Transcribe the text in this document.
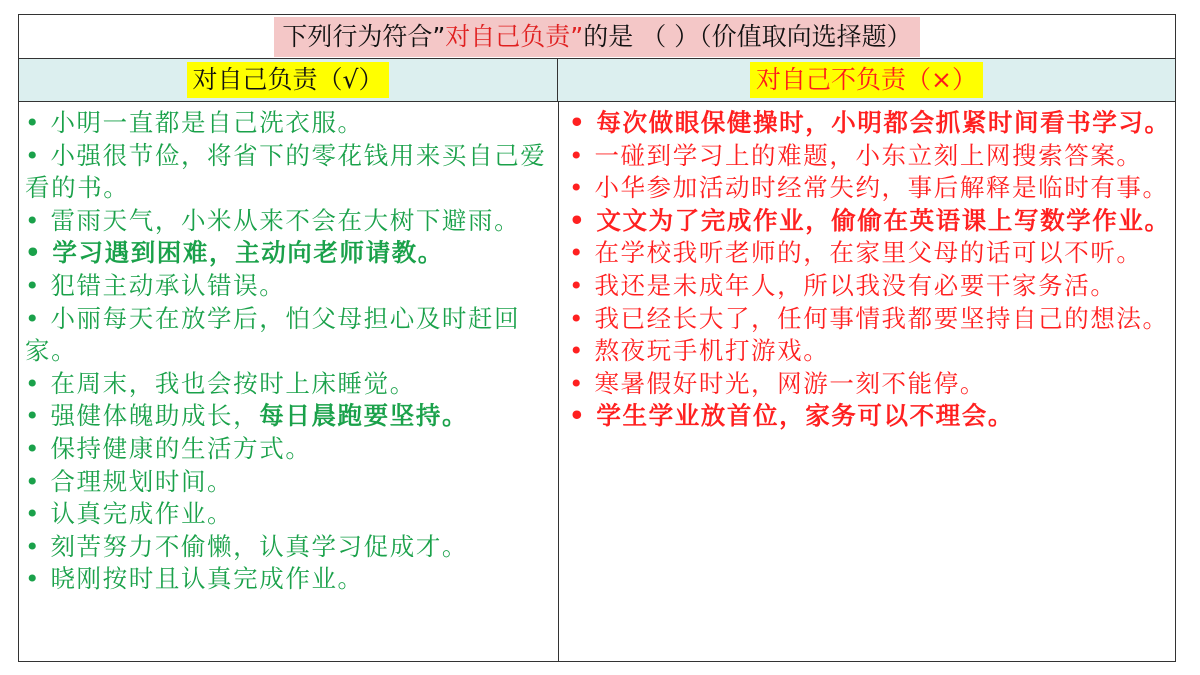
下列行为符合”对自己负责”的是 （ ）（价值取向选择题）
对自己负责（√）	对自己不负责（×）

• 小明一直都是自己洗衣服。

• 小强很节俭，将省下的零花钱用来买自己爱看的书。

• 雷雨天气，小米从来不会在大树下避雨。

• 学习遇到困难，主动向老师请教。

• 犯错主动承认错误。

• 小丽每天在放学后，怕父母担心及时赶回家。

• 在周末，我也会按时上床睡觉。

• 强健体魄助成长，每日晨跑要坚持。

• 保持健康的生活方式。

• 合理规划时间。

• 认真完成作业。

• 刻苦努力不偷懒，认真学习促成才。

• 晓刚按时且认真完成作业。

• 每次做眼保健操时，小明都会抓紧时间看书学习。

• 一碰到学习上的难题，小东立刻上网搜索答案。

• 小华参加活动时经常失约，事后解释是临时有事。

• 文文为了完成作业，偷偷在英语课上写数学作业。

• 在学校我听老师的，在家里父母的话可以不听。

• 我还是未成年人，所以我没有必要干家务活。

• 我已经长大了，任何事情我都要坚持自己的想法。

• 熬夜玩手机打游戏。

• 寒暑假好时光，网游一刻不能停。

• 学生学业放首位，家务可以不理会。
